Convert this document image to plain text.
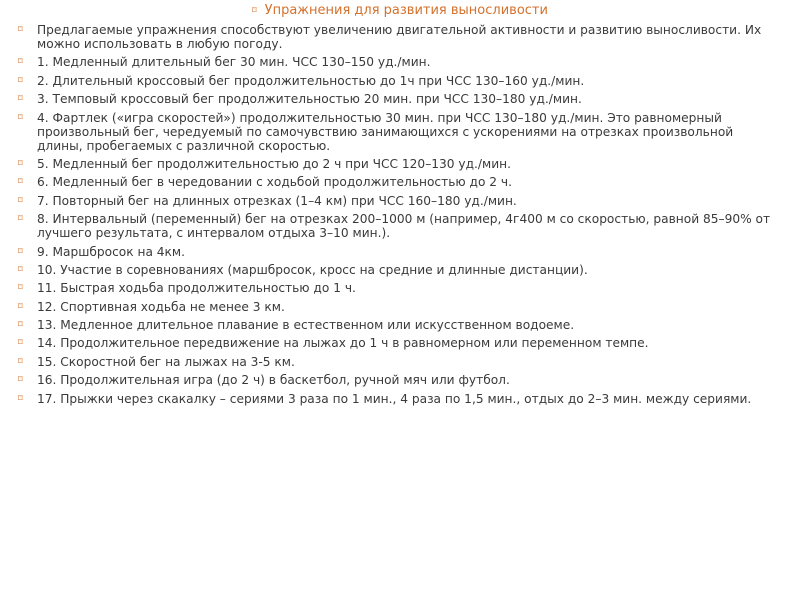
⌑ Упражнения для развития выносливости
⌑ Предлагаемые упражнения способствуют увеличению двигательной активности и развитию выносливости. Их можно использовать в любую погоду.
⌑ 1. Медленный длительный бег 30 мин. ЧСС 130–150 уд./мин.
⌑ 2. Длительный кроссовый бег продолжительностью до 1ч при ЧСС 130–160 уд./мин.
⌑ 3. Темповый кроссовый бег продолжительностью 20 мин. при ЧСС 130–180 уд./мин.
⌑ 4. Фартлек («игра скоростей») продолжительностью 30 мин. при ЧСС 130–180 уд./мин. Это равномерный произвольный бег, чередуемый по самочувствию занимающихся с ускорениями на отрезках произвольной длины, пробегаемых с различной скоростью.
⌑ 5. Медленный бег продолжительностью до 2 ч при ЧСС 120–130 уд./мин.
⌑ 6. Медленный бег в чередовании с ходьбой продолжительностью до 2 ч.
⌑ 7. Повторный бег на длинных отрезках (1–4 км) при ЧСС 160–180 уд./мин.
⌑ 8. Интервальный (переменный) бег на отрезках 200–1000 м (например, 4г400 м со скоростью, равной 85–90% от лучшего результата, с интервалом отдыха 3–10 мин.).
⌑ 9. Маршбросок на 4км.
⌑ 10. Участие в соревнованиях (маршбросок, кросс на средние и длинные дистанции).
⌑ 11. Быстрая ходьба продолжительностью до 1 ч.
⌑ 12. Спортивная ходьба не менее 3 км.
⌑ 13. Медленное длительное плавание в естественном или искусственном водоеме.
⌑ 14. Продолжительное передвижение на лыжах до 1 ч в равномерном или переменном темпе.
⌑ 15. Скоростной бег на лыжах на 3-5 км.
⌑ 16. Продолжительная игра (до 2 ч) в баскетбол, ручной мяч или футбол.
⌑ 17. Прыжки через скакалку – сериями 3 раза по 1 мин., 4 раза по 1,5 мин., отдых до 2–3 мин. между сериями.
